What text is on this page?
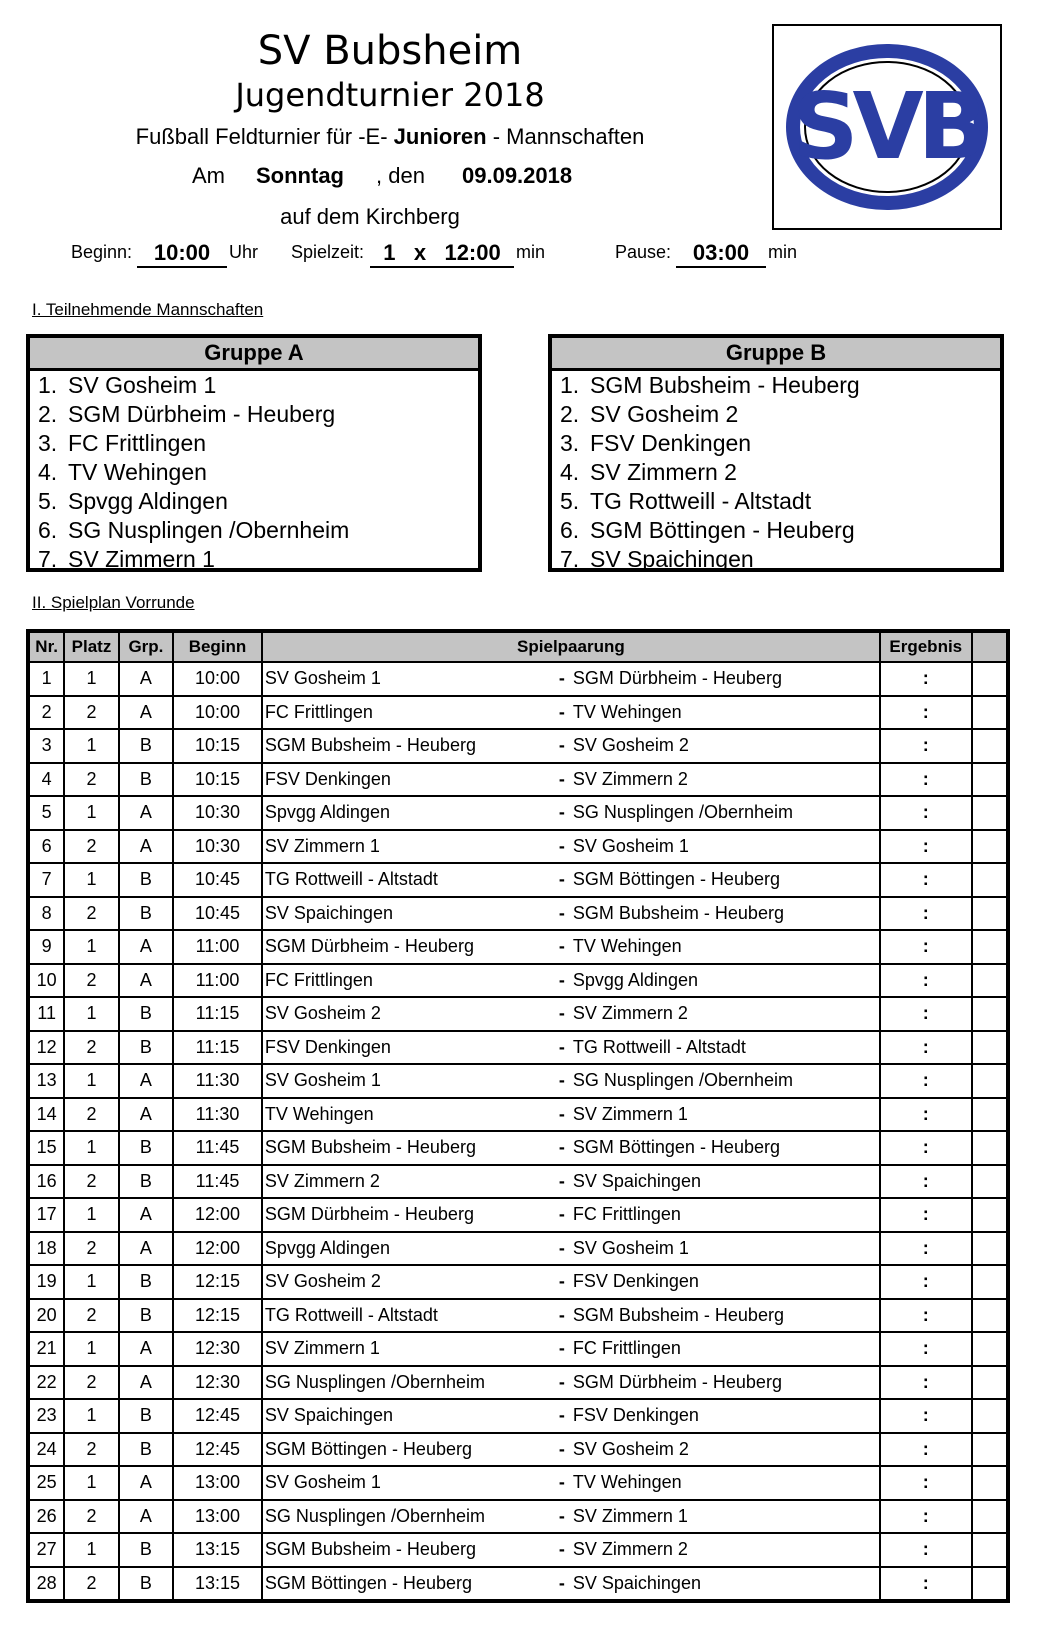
SV Bubsheim
Jugendturnier 2018
Fußball Feldturnier für -E- Junioren - Mannschaften
Am Sonntag , den 09.09.2018
auf dem Kirchberg
SVB
Beginn: 10:00	Uhr Spielzeit: 1 x 12:00 min	Pause: 03:00	min
I. Teilnehmende Mannschaften
Gruppe A
1. SV Gosheim 1
2. SGM Dürbheim - Heuberg
3. FC Frittlingen
4. TV Wehingen
5. Spvgg Aldingen
6. SG Nusplingen /Obernheim
7. SV Zimmern 1
Gruppe B
1. SGM Bubsheim - Heuberg
2. SV Gosheim 2
3. FSV Denkingen
4. SV Zimmern 2
5. TG Rottweill - Altstadt
6. SGM Böttingen - Heuberg
7. SV Spaichingen
II. Spielplan Vorrunde
Nr.	Platz	Grp.	Beginn	Spielpaarung	Ergebnis	
1	1	A	10:00	SV Gosheim 1 - SGM Dürbheim - Heuberg	:	
2	2	A	10:00	FC Frittlingen - TV Wehingen	:	
3	1	B	10:15	SGM Bubsheim - Heuberg - SV Gosheim 2	:	
4	2	B	10:15	FSV Denkingen - SV Zimmern 2	:	
5	1	A	10:30	Spvgg Aldingen - SG Nusplingen /Obernheim	:	
6	2	A	10:30	SV Zimmern 1 - SV Gosheim 1	:	
7	1	B	10:45	TG Rottweill - Altstadt - SGM Böttingen - Heuberg	:	
8	2	B	10:45	SV Spaichingen - SGM Bubsheim - Heuberg	:	
9	1	A	11:00	SGM Dürbheim - Heuberg - TV Wehingen	:	
10	2	A	11:00	FC Frittlingen - Spvgg Aldingen	:	
11	1	B	11:15	SV Gosheim 2 - SV Zimmern 2	:	
12	2	B	11:15	FSV Denkingen - TG Rottweill - Altstadt	:	
13	1	A	11:30	SV Gosheim 1 - SG Nusplingen /Obernheim	:	
14	2	A	11:30	TV Wehingen - SV Zimmern 1	:	
15	1	B	11:45	SGM Bubsheim - Heuberg - SGM Böttingen - Heuberg	:	
16	2	B	11:45	SV Zimmern 2 - SV Spaichingen	:	
17	1	A	12:00	SGM Dürbheim - Heuberg - FC Frittlingen	:	
18	2	A	12:00	Spvgg Aldingen - SV Gosheim 1	:	
19	1	B	12:15	SV Gosheim 2 - FSV Denkingen	:	
20	2	B	12:15	TG Rottweill - Altstadt - SGM Bubsheim - Heuberg	:	
21	1	A	12:30	SV Zimmern 1 - FC Frittlingen	:	
22	2	A	12:30	SG Nusplingen /Obernheim - SGM Dürbheim - Heuberg	:	
23	1	B	12:45	SV Spaichingen - FSV Denkingen	:	
24	2	B	12:45	SGM Böttingen - Heuberg - SV Gosheim 2	:	
25	1	A	13:00	SV Gosheim 1 - TV Wehingen	:	
26	2	A	13:00	SG Nusplingen /Obernheim - SV Zimmern 1	:	
27	1	B	13:15	SGM Bubsheim - Heuberg - SV Zimmern 2	:	
28	2	B	13:15	SGM Böttingen - Heuberg - SV Spaichingen	:	
